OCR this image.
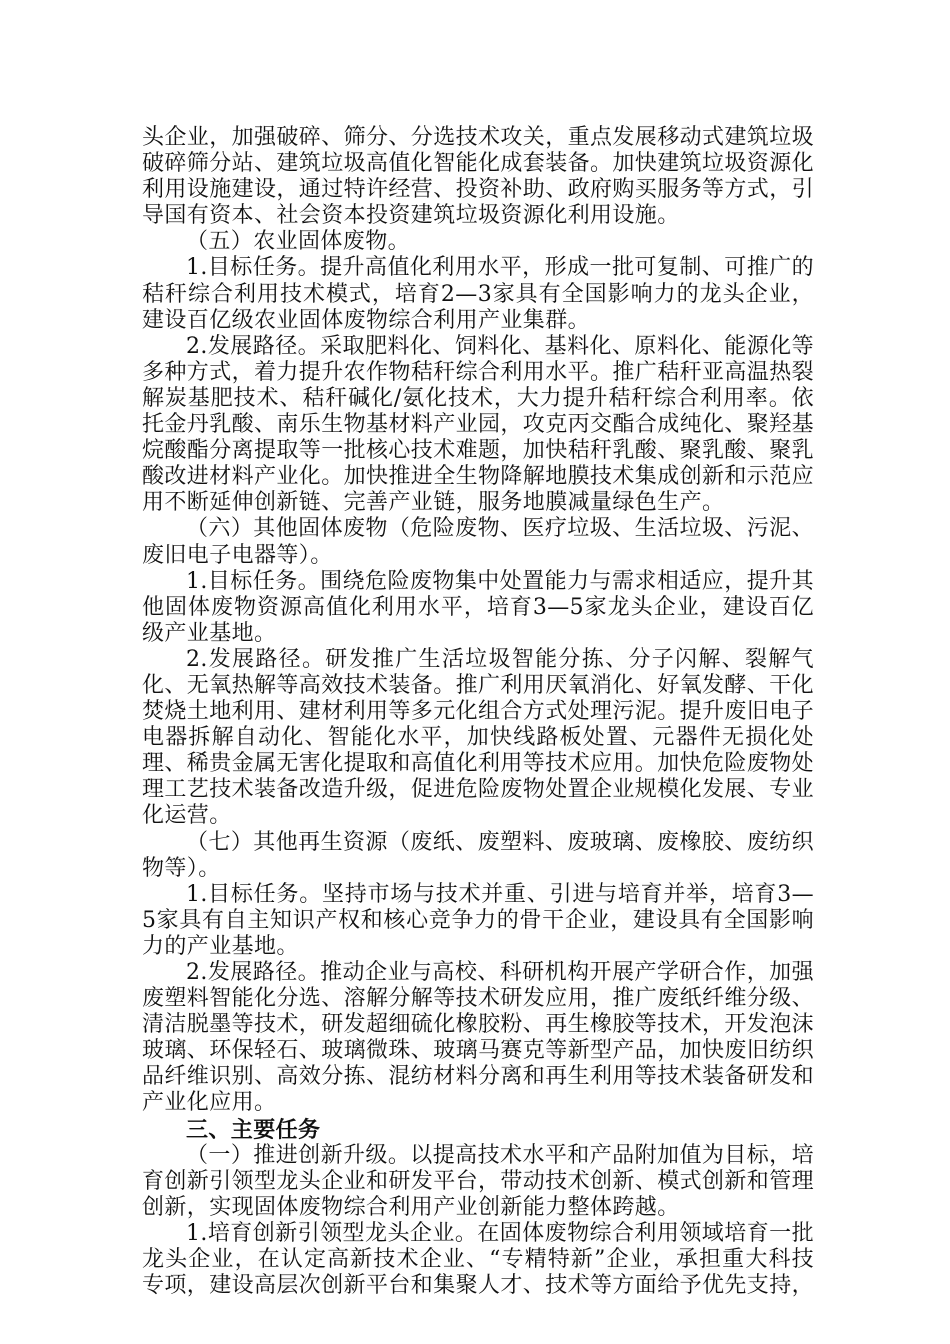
头企业，加强破碎、筛分、分选技术攻关，重点发展移动式建筑垃圾破碎筛分站、建筑垃圾高值化智能化成套装备。加快建筑垃圾资源化利用设施建设，通过特许经营、投资补助、政府购买服务等方式，引导国有资本、社会资本投资建筑垃圾资源化利用设施。

（五）农业固体废物。

1.目标任务。提升高值化利用水平，形成一批可复制、可推广的秸秆综合利用技术模式，培育2—3家具有全国影响力的龙头企业，建设百亿级农业固体废物综合利用产业集群。

2.发展路径。采取肥料化、饲料化、基料化、原料化、能源化等多种方式，着力提升农作物秸秆综合利用水平。推广秸秆亚高温热裂解炭基肥技术、秸秆碱化/氨化技术，大力提升秸秆综合利用率。依托金丹乳酸、南乐生物基材料产业园，攻克丙交酯合成纯化、聚羟基烷酸酯分离提取等一批核心技术难题，加快秸秆乳酸、聚乳酸、聚乳酸改进材料产业化。加快推进全生物降解地膜技术集成创新和示范应用不断延伸创新链、完善产业链，服务地膜减量绿色生产。

（六）其他固体废物（危险废物、医疗垃圾、生活垃圾、污泥、废旧电子电器等）。

1.目标任务。围绕危险废物集中处置能力与需求相适应，提升其他固体废物资源高值化利用水平，培育3—5家龙头企业，建设百亿级产业基地。

2.发展路径。研发推广生活垃圾智能分拣、分子闪解、裂解气化、无氧热解等高效技术装备。推广利用厌氧消化、好氧发酵、干化焚烧土地利用、建材利用等多元化组合方式处理污泥。提升废旧电子电器拆解自动化、智能化水平，加快线路板处置、元器件无损化处理、稀贵金属无害化提取和高值化利用等技术应用。加快危险废物处理工艺技术装备改造升级，促进危险废物处置企业规模化发展、专业化运营。

（七）其他再生资源（废纸、废塑料、废玻璃、废橡胶、废纺织物等）。

1.目标任务。坚持市场与技术并重、引进与培育并举，培育3—5家具有自主知识产权和核心竞争力的骨干企业，建设具有全国影响力的产业基地。

2.发展路径。推动企业与高校、科研机构开展产学研合作，加强废塑料智能化分选、溶解分解等技术研发应用，推广废纸纤维分级、清洁脱墨等技术，研发超细硫化橡胶粉、再生橡胶等技术，开发泡沫玻璃、环保轻石、玻璃微珠、玻璃马赛克等新型产品，加快废旧纺织品纤维识别、高效分拣、混纺材料分离和再生利用等技术装备研发和产业化应用。

三、主要任务

（一）推进创新升级。以提高技术水平和产品附加值为目标，培育创新引领型龙头企业和研发平台，带动技术创新、模式创新和管理创新，实现固体废物综合利用产业创新能力整体跨越。

1.培育创新引领型龙头企业。在固体废物综合利用领域培育一批龙头企业，在认定高新技术企业、“专精特新”企业，承担重大科技专项，建设高层次创新平台和集聚人才、技术等方面给予优先支持，
